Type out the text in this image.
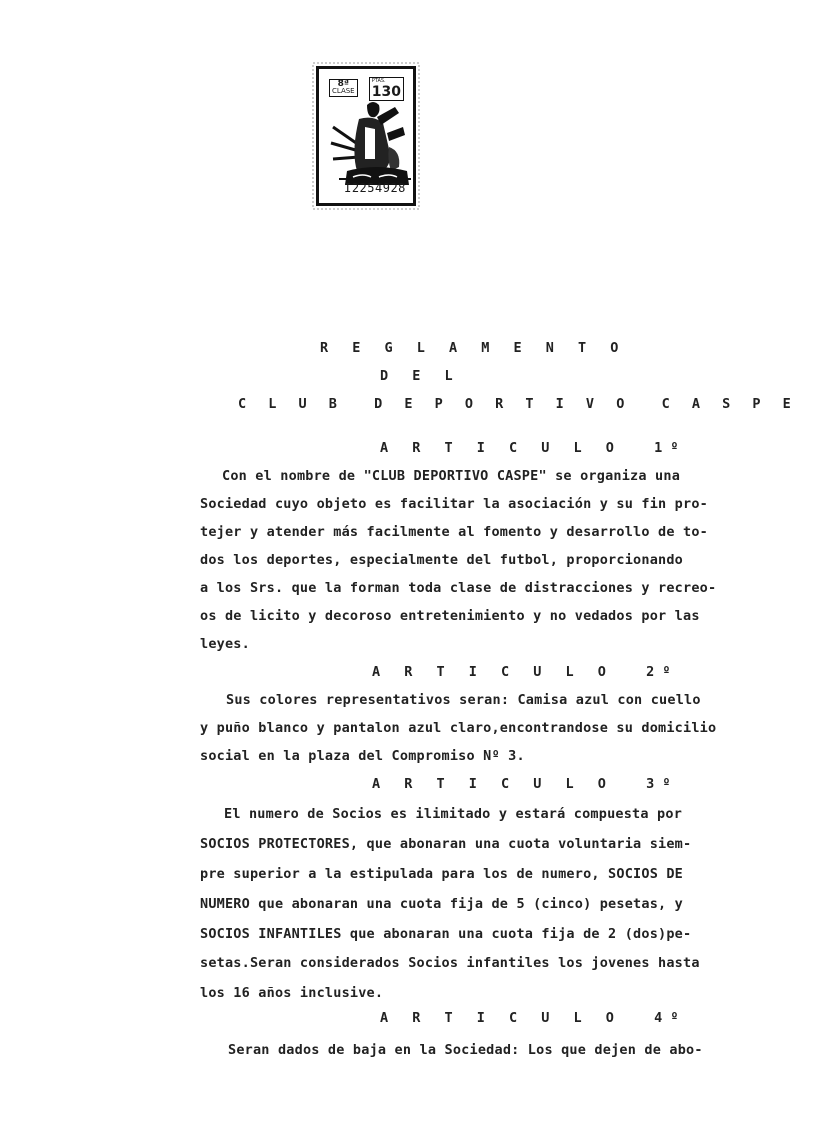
8ª
CLASE
PTAS.
130
I2254928
R E G L A M E N T O
D E L
C L U B  D E P O R T I V O  C A S P E
A R T I C U L O  1º
Con el nombre de "CLUB DEPORTIVO CASPE" se organiza una
Sociedad cuyo objeto es facilitar la asociación y su fin pro-
tejer y atender más facilmente al fomento y desarrollo de to-
dos los deportes, especialmente del futbol, proporcionando
a los Srs. que la forman toda clase de distracciones y recreo-
os de licito y decoroso entretenimiento y no vedados por las
leyes.
A R T I C U L O  2º
Sus colores representativos seran: Camisa azul con cuello
y puño blanco y pantalon azul claro,encontrandose su domicilio
social en la plaza del Compromiso Nº 3.
A R T I C U L O  3º
El numero de Socios es ilimitado y estará compuesta por
SOCIOS PROTECTORES, que abonaran una cuota voluntaria siem-
pre superior a la estipulada para los de numero, SOCIOS DE
NUMERO que abonaran una cuota fija de 5 (cinco) pesetas, y
SOCIOS INFANTILES que abonaran una cuota fija de 2 (dos)pe-
setas.Seran considerados Socios infantiles los jovenes hasta
los 16 años inclusive.
A R T I C U L O  4º
Seran dados de baja en la Sociedad: Los que dejen de abo-
